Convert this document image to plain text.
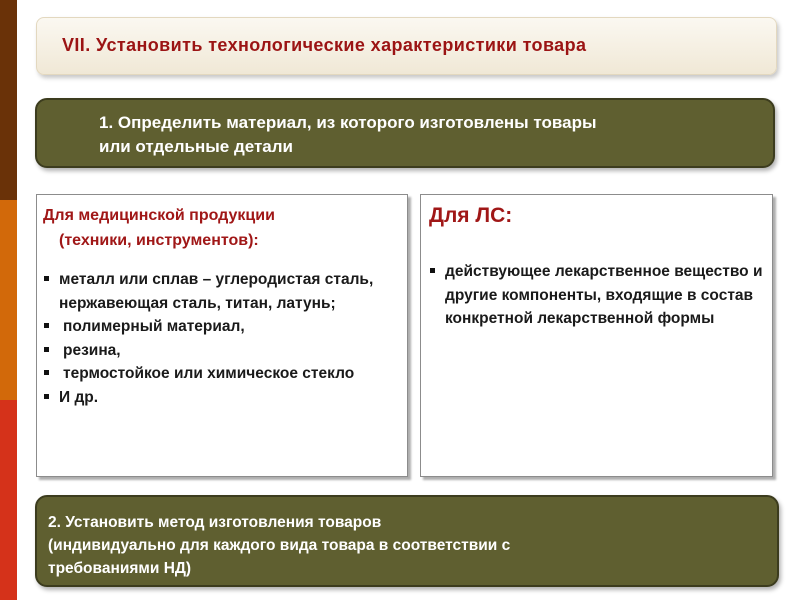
VII. Установить технологические характеристики товара
1. Определить материал, из которого изготовлены товары
или отдельные детали
Для медицинской продукции
(техники, инструментов):
металл или сплав – углеродистая сталь, нержавеющая сталь, титан, латунь;
полимерный материал,
резина,
термостойкое или химическое стекло
И др.
Для ЛС:
действующее лекарственное вещество и другие компоненты, входящие в состав конкретной лекарственной формы
2. Установить метод изготовления товаров
(индивидуально для каждого вида товара в соответствии с
требованиями НД)
